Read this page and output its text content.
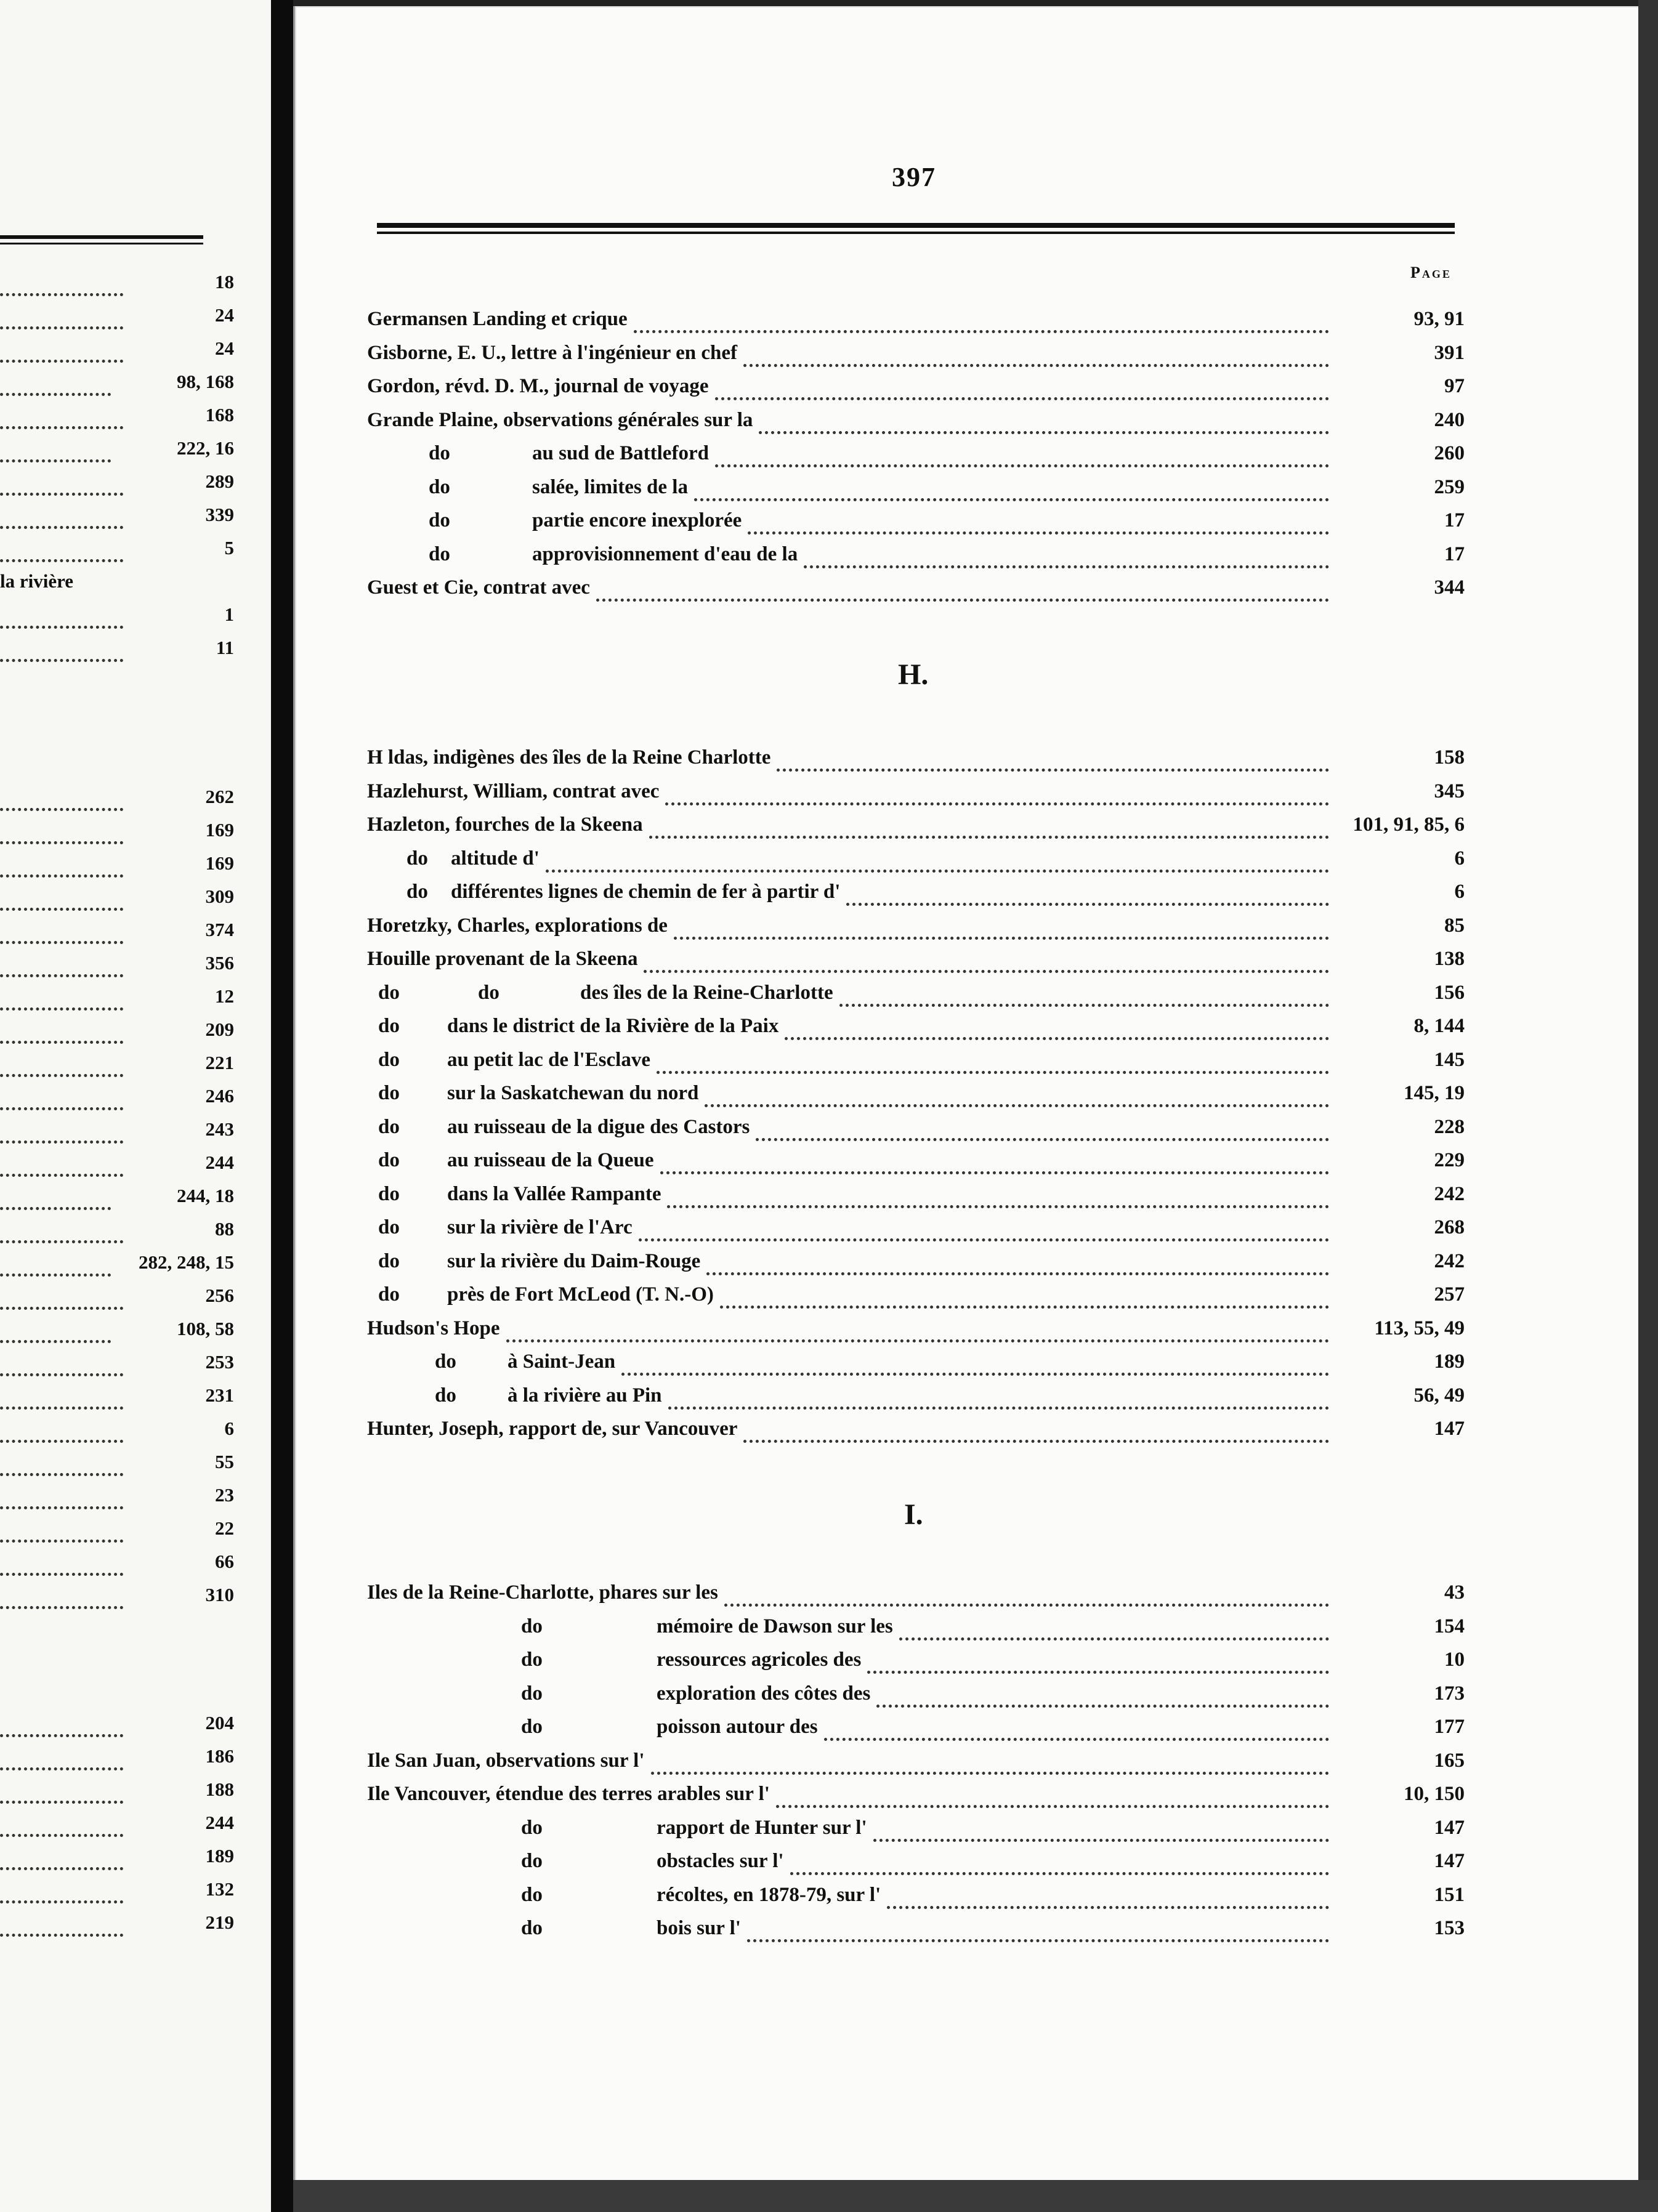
18
24
24
98, 168
168
222, 16
289
339
5
la rivière
1
11
262
169
169
309
374
356
12
209
221
246
243
244
244, 18
88
282, 248, 15
256
108, 58
253
231
6
55
23
22
66
310
204
186
188
244
189
132
219
397
Page
Germansen Landing et crique	93, 91
Gisborne, E. U., lettre à l'ingénieur en chef	391
Gordon, révd. D. M., journal de voyage	97
Grande Plaine, observations générales sur la	240
do	au sud de Battleford	260
do	salée, limites de la	259
do	partie encore inexplorée	17
do	approvisionnement d'eau de la	17
Guest et Cie, contrat avec	344
H.
H ldas, indigènes des îles de la Reine Charlotte	158
Hazlehurst, William, contrat avec	345
Hazleton, fourches de la Skeena	101, 91, 85, 6
do altitude d'	6
do différentes lignes de chemin de fer à partir d'	6
Horetzky, Charles, explorations de	85
Houille provenant de la Skeena	138
do	do	des îles de la Reine-Charlotte	156
do dans le district de la Rivière de la Paix	8, 144
do au petit lac de l'Esclave	145
do sur la Saskatchewan du nord	145, 19
do au ruisseau de la digue des Castors	228
do au ruisseau de la Queue	229
do dans la Vallée Rampante	242
do sur la rivière de l'Arc	268
do sur la rivière du Daim-Rouge	242
do près de Fort McLeod (T. N.-O)	257
Hudson's Hope	113, 55, 49
do	à Saint-Jean	189
do	à la rivière au Pin	56, 49
Hunter, Joseph, rapport de, sur Vancouver	147
I.
Iles de la Reine-Charlotte, phares sur les	43
do	mémoire de Dawson sur les	154
do	ressources agricoles des	10
do	exploration des côtes des	173
do	poisson autour des	177
Ile San Juan, observations sur l'	165
Ile Vancouver, étendue des terres arables sur l'	10, 150
do	rapport de Hunter sur l'	147
do	obstacles sur l'	147
do	récoltes, en 1878-79, sur l'	151
do	bois sur l'	153
